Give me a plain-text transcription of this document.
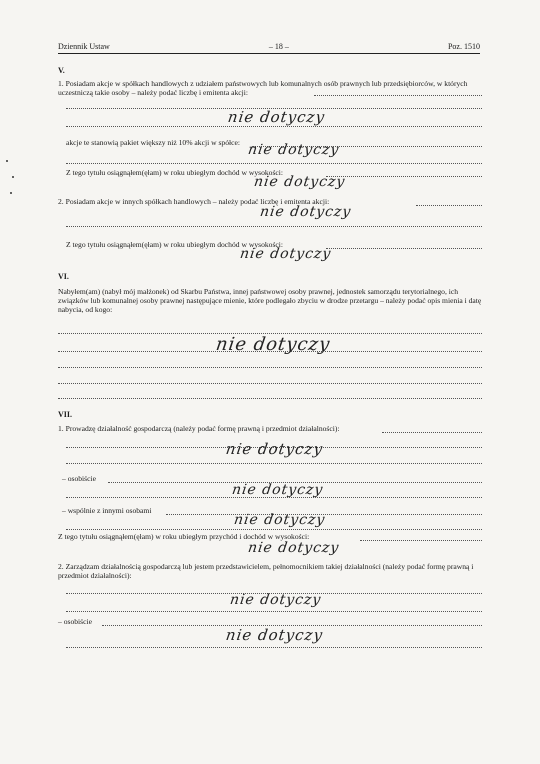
Dziennik Ustaw	– 18 –	Poz. 1510
V.
1. Posiadam akcje w spółkach handlowych z udziałem państwowych lub komunalnych osób prawnych lub przedsiębiorców, w których uczestniczą takie osoby – należy podać liczbę i emitenta akcji:
nie dotyczy
akcje te stanowią pakiet większy niż 10% akcji w spółce: nie dotyczy
Z tego tytułu osiągnąłem(ęłam) w roku ubiegłym dochód w wysokości:
nie dotyczy
2. Posiadam akcje w innych spółkach handlowych – należy podać liczbę i emitenta akcji:
nie dotyczy
Z tego tytułu osiągnąłem(ęłam) w roku ubiegłym dochód w wysokości:
nie dotyczy
VI.
Nabyłem(am) (nabył mój małżonek) od Skarbu Państwa, innej państwowej osoby prawnej, jednostek samorządu terytorialnego, ich związków lub komunalnej osoby prawnej następujące mienie, które podlegało zbyciu w drodze przetargu – należy podać opis mienia i datę nabycia, od kogo:
nie dotyczy
VII.
1. Prowadzę działalność gospodarczą (należy podać formę prawną i przedmiot działalności):
nie dotyczy
– osobiście
nie dotyczy
– wspólnie z innymi osobami
nie dotyczy
Z tego tytułu osiągnąłem(ęłam) w roku ubiegłym przychód i dochód w wysokości:
nie dotyczy
2. Zarządzam działalnością gospodarczą lub jestem przedstawicielem, pełnomocnikiem takiej działalności (należy podać formę prawną i przedmiot działalności):
nie dotyczy
– osobiście
nie dotyczy
